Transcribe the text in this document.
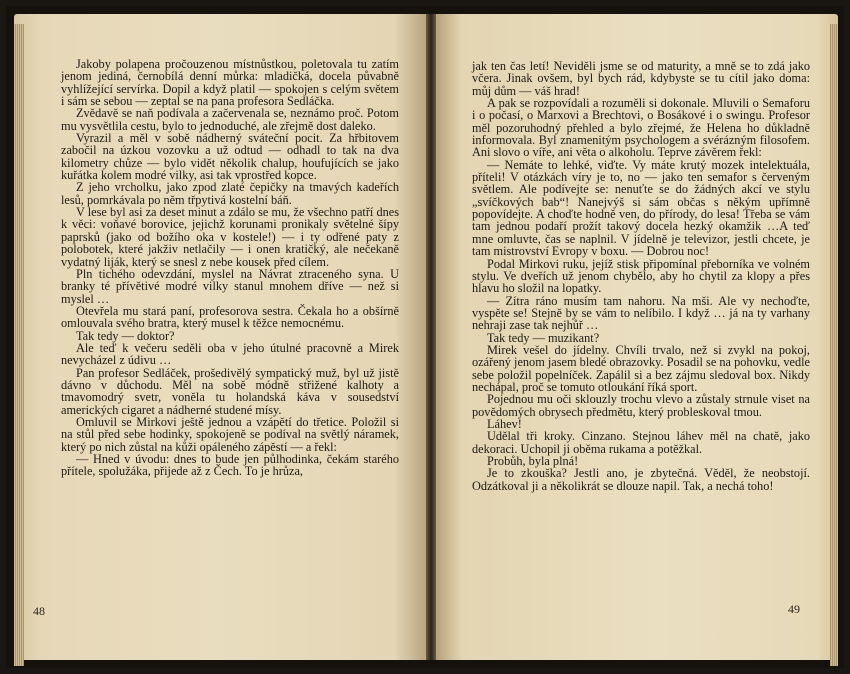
Jakoby polapena pročouzenou místnůstkou, poletovala tu zatím jenom jediná, černobílá denní můrka: mladičká, docela půvabně vyhlížející servírka. Dopil a když platil — spokojen s celým světem i sám se sebou — zeptal se na pana profesora Sedláčka.

Zvědavě se naň podívala a začervenala se, neznámo proč. Potom mu vysvětlila cestu, bylo to jednoduché, ale zřejmě dost daleko.

Vyrazil a měl v sobě nádherný sváteční pocit. Za hřbitovem zabočil na úzkou vozovku a už odtud — odhadl to tak na dva kilometry chůze — bylo vidět několik chalup, houfujících se jako kuřátka kolem modré vilky, asi tak vprostřed kopce.

Z jeho vrcholku, jako zpod zlaté čepičky na tmavých kadeřích lesů, pomrkávala po něm třpytivá kostelní báň.

V lese byl asi za deset minut a zdálo se mu, že všechno patří dnes k věci: voňavé borovice, jejichž korunami pronikaly světelné šípy paprsků (jako od božího oka v kostele!) — i ty odřené paty z polobotek, které jakživ netlačily — i onen kratičký, ale nečekaně vydatný liják, který se snesl z nebe kousek před cílem.

Pln tichého odevzdání, myslel na Návrat ztraceného syna. U branky té přívětivé modré vilky stanul mnohem dříve — než si myslel …

Otevřela mu stará paní, profesorova sestra. Čekala ho a obšírně omlouvala svého bratra, který musel k těžce nemocnému.

Tak tedy — doktor?

Ale teď k večeru seděli oba v jeho útulné pracovně a Mirek nevycházel z údivu …

Pan profesor Sedláček, prošedivělý sympatický muž, byl už jistě dávno v důchodu. Měl na sobě módně střižené kalhoty a tmavomodrý svetr, voněla tu holandská káva v sousedství amerických cigaret a nádherné studené mísy.

Omluvil se Mirkovi ještě jednou a vzápětí do třetice. Položil si na stůl před sebe hodinky, spokojeně se podíval na světlý náramek, který po nich zůstal na kůži opáleného zápěstí — a řekl:

— Hned v úvodu: dnes to bude jen půlhodinka, čekám starého přítele, spolužáka, přijede až z Čech. To je hrůza,

48

jak ten čas letí! Neviděli jsme se od maturity, a mně se to zdá jako včera. Jinak ovšem, byl bych rád, kdybyste se tu cítil jako doma: můj dům — váš hrad!

A pak se rozpovídali a rozuměli si dokonale. Mluvili o Semaforu i o počasí, o Marxovi a Brechtovi, o Bosákové i o swingu. Profesor měl pozoruhodný přehled a bylo zřejmé, že Helena ho důkladně informovala. Byl znamenitým psychologem a svérázným filosofem. Ani slovo o víře, ani věta o alkoholu. Teprve závěrem řekl:

— Nemáte to lehké, viďte. Vy máte krutý mozek intelektuála, příteli! V otázkách víry je to, no — jako ten semafor s červeným světlem. Ale podívejte se: nenuťte se do žádných akcí ve stylu „svíčkových bab“! Nanejvýš si sám občas s někým upřímně popovídejte. A choďte hodně ven, do přírody, do lesa! Třeba se vám tam jednou podaří prožít takový docela hezký okamžik …A teď mne omluvte, čas se naplnil. V jídelně je televizor, jestli chcete, je tam mistrovství Evropy v boxu. — Dobrou noc!

Podal Mirkovi ruku, jejíž stisk připomínal přeborníka ve volném stylu. Ve dveřích už jenom chybělo, aby ho chytil za klopy a přes hlavu ho složil na lopatky.

— Zítra ráno musím tam nahoru. Na mši. Ale vy nechoďte, vyspěte se! Stejně by se vám to nelíbilo. I když … já na ty varhany nehraji zase tak nejhůř …

Tak tedy — muzikant?

Mirek vešel do jídelny. Chvíli trvalo, než si zvykl na pokoj, ozářený jenom jasem bledé obrazovky. Posadil se na pohovku, vedle sebe položil popelníček. Zapálil si a bez zájmu sledoval box. Nikdy nechápal, proč se tomuto otloukání říká sport.

Pojednou mu oči sklouzly trochu vlevo a zůstaly strnule viset na povědomých obrysech předmětu, který probleskoval tmou.

Láhev!

Udělal tři kroky. Cinzano. Stejnou láhev měl na chatě, jako dekoraci. Uchopil ji oběma rukama a potěžkal.

Probůh, byla plná!

Je to zkouška? Jestli ano, je zbytečná. Věděl, že neobstojí. Odzátkoval ji a několikrát se dlouze napil. Tak, a nechá toho!

49
